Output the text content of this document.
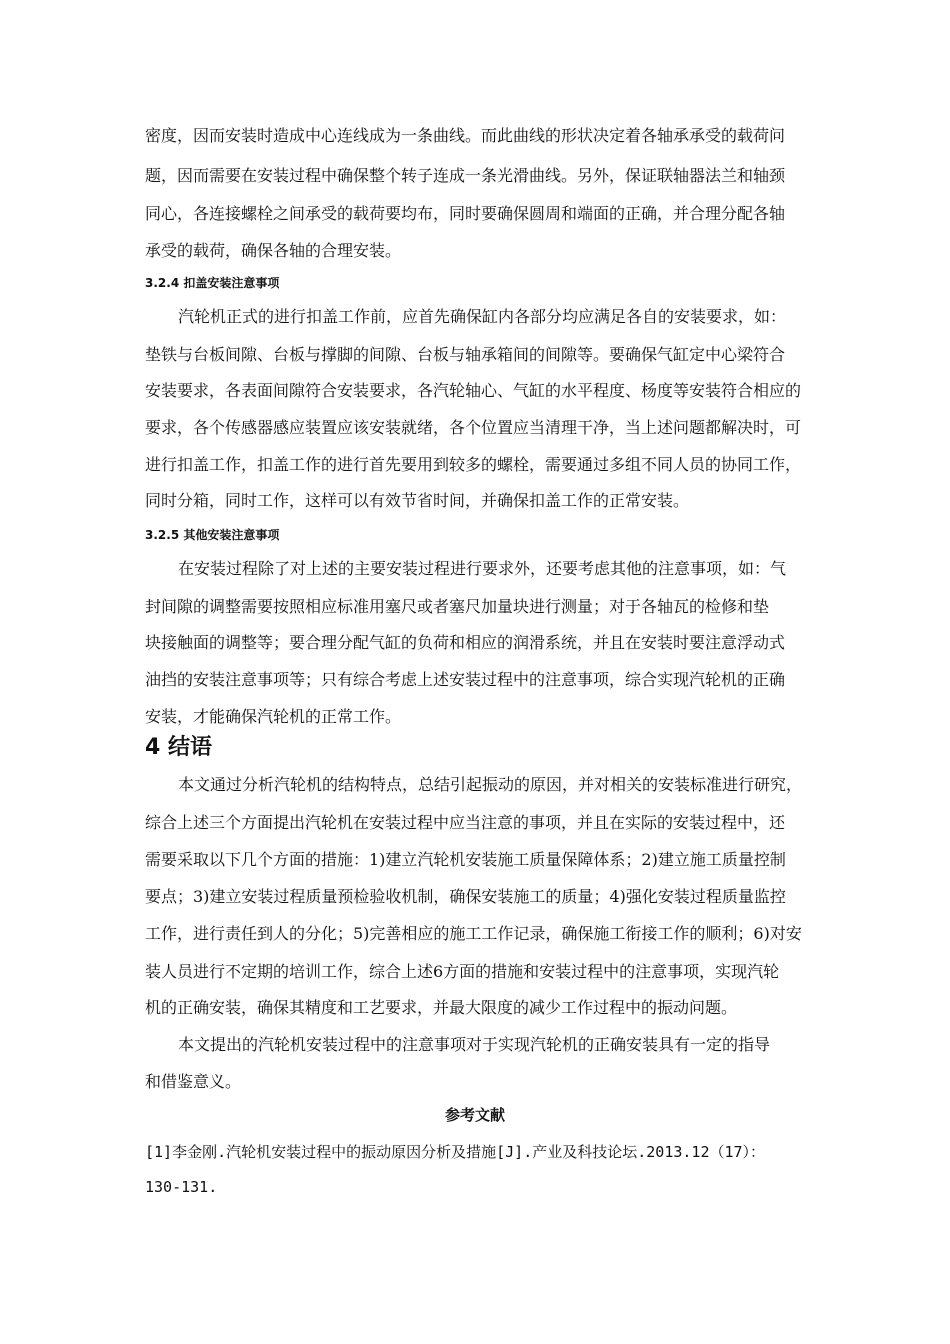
密度，因而安装时造成中心连线成为一条曲线。而此曲线的形状决定着各轴承承受的载荷问
题，因而需要在安装过程中确保整个转子连成一条光滑曲线。另外，保证联轴器法兰和轴颈
同心，各连接螺栓之间承受的载荷要均布，同时要确保圆周和端面的正确，并合理分配各轴
承受的载荷，确保各轴的合理安装。
3.2.4 扣盖安装注意事项
汽轮机正式的进行扣盖工作前，应首先确保缸内各部分均应满足各自的安装要求，如：
垫铁与台板间隙、台板与撑脚的间隙、台板与轴承箱间的间隙等。要确保气缸定中心梁符合
安装要求，各表面间隙符合安装要求，各汽轮轴心、气缸的水平程度、杨度等安装符合相应的
要求，各个传感器感应装置应该安装就绪，各个位置应当清理干净，当上述问题都解决时，可
进行扣盖工作，扣盖工作的进行首先要用到较多的螺栓，需要通过多组不同人员的协同工作，
同时分箱，同时工作，这样可以有效节省时间，并确保扣盖工作的正常安装。
3.2.5 其他安装注意事项
在安装过程除了对上述的主要安装过程进行要求外，还要考虑其他的注意事项，如：气
封间隙的调整需要按照相应标准用塞尺或者塞尺加量块进行测量；对于各轴瓦的检修和垫
块接触面的调整等；要合理分配气缸的负荷和相应的润滑系统，并且在安装时要注意浮动式
油挡的安装注意事项等；只有综合考虑上述安装过程中的注意事项，综合实现汽轮机的正确
安装，才能确保汽轮机的正常工作。
4 结语
本文通过分析汽轮机的结构特点，总结引起振动的原因，并对相关的安装标准进行研究，
综合上述三个方面提出汽轮机在安装过程中应当注意的事项，并且在实际的安装过程中，还
需要采取以下几个方面的措施：1)建立汽轮机安装施工质量保障体系；2)建立施工质量控制
要点；3)建立安装过程质量预检验收机制，确保安装施工的质量；4)强化安装过程质量监控
工作，进行责任到人的分化；5)完善相应的施工工作记录，确保施工衔接工作的顺利；6)对安
装人员进行不定期的培训工作，综合上述6方面的措施和安装过程中的注意事项，实现汽轮
机的正确安装，确保其精度和工艺要求，并最大限度的减少工作过程中的振动问题。
本文提出的汽轮机安装过程中的注意事项对于实现汽轮机的正确安装具有一定的指导
和借鉴意义。
参考文献
[1]李金刚.汽轮机安装过程中的振动原因分析及措施[J].产业及科技论坛.2013.12（17）：
130-131.
